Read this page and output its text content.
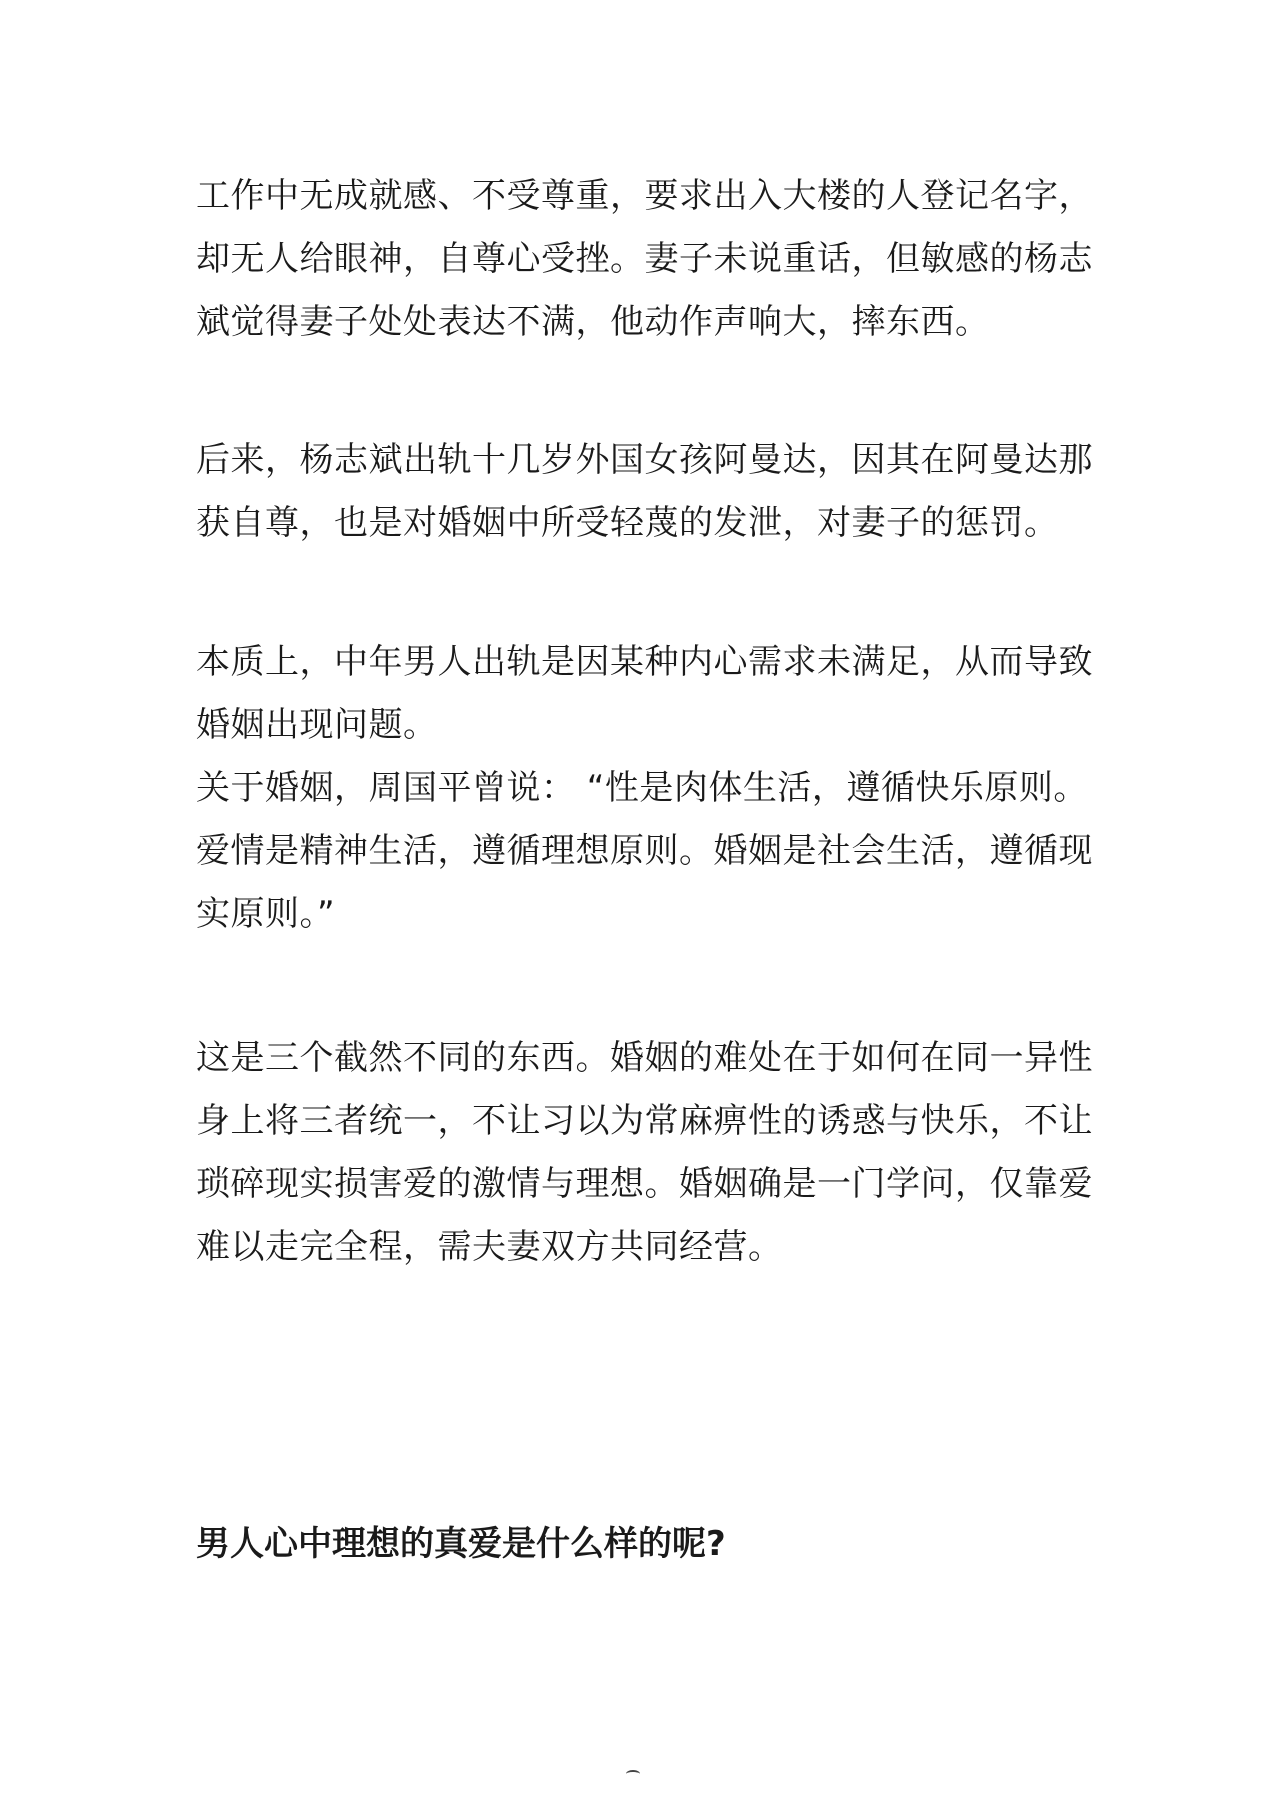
工作中无成就感、不受尊重，要求出入大楼的人登记名字，
却无人给眼神，自尊心受挫。妻子未说重话，但敏感的杨志
斌觉得妻子处处表达不满，他动作声响大，摔东西。
后来，杨志斌出轨十几岁外国女孩阿曼达，因其在阿曼达那
获自尊，也是对婚姻中所受轻蔑的发泄，对妻子的惩罚。
本质上，中年男人出轨是因某种内心需求未满足，从而导致
婚姻出现问题。
关于婚姻，周国平曾说： “性是肉体生活，遵循快乐原则。
爱情是精神生活，遵循理想原则。婚姻是社会生活，遵循现
实原则。”
这是三个截然不同的东西。婚姻的难处在于如何在同一异性
身上将三者统一，不让习以为常麻痹性的诱惑与快乐，不让
琐碎现实损害爱的激情与理想。婚姻确是一门学问，仅靠爱
难以走完全程，需夫妻双方共同经营。
男人心中理想的真爱是什么样的呢?
